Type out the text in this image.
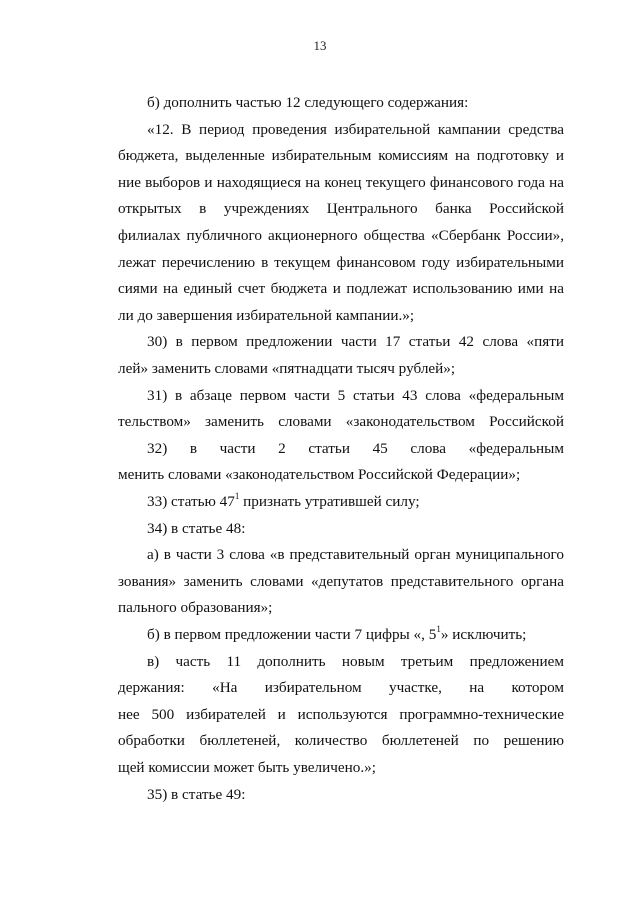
13
б) дополнить частью 12 следующего содержания:
«12. В период проведения избирательной кампании средства
бюджета, выделенные избирательным комиссиям на подготовку и
ние выборов и находящиеся на конец текущего финансового года на
открытых в учреждениях Центрального банка Российской
филиалах публичного акционерного общества «Сбербанк России»,
лежат перечислению в текущем финансовом году избирательными
сиями на единый счет бюджета и подлежат использованию ими на
ли до завершения избирательной кампании.»;
30) в первом предложении части 17 статьи 42 слова «пяти
лей» заменить словами «пятнадцати тысяч рублей»;
31) в абзаце первом части 5 статьи 43 слова «федеральным
тельством» заменить словами «законодательством Российской
32) в части 2 статьи 45 слова «федеральным
менить словами «законодательством Российской Федерации»;
33) статью $47^1$ признать утратившей силу;
34) в статье 48:
а) в части 3 слова «в представительный орган муниципального
зования» заменить словами «депутатов представительного органа
пального образования»;
б) в первом предложении части 7 цифры «, $5^1$» исключить;
в) часть 11 дополнить новым третьим предложением
держания: «На избирательном участке, на котором
нее 500 избирателей и используются программно-технические
обработки бюллетеней, количество бюллетеней по решению
щей комиссии может быть увеличено.»;
35) в статье 49:
